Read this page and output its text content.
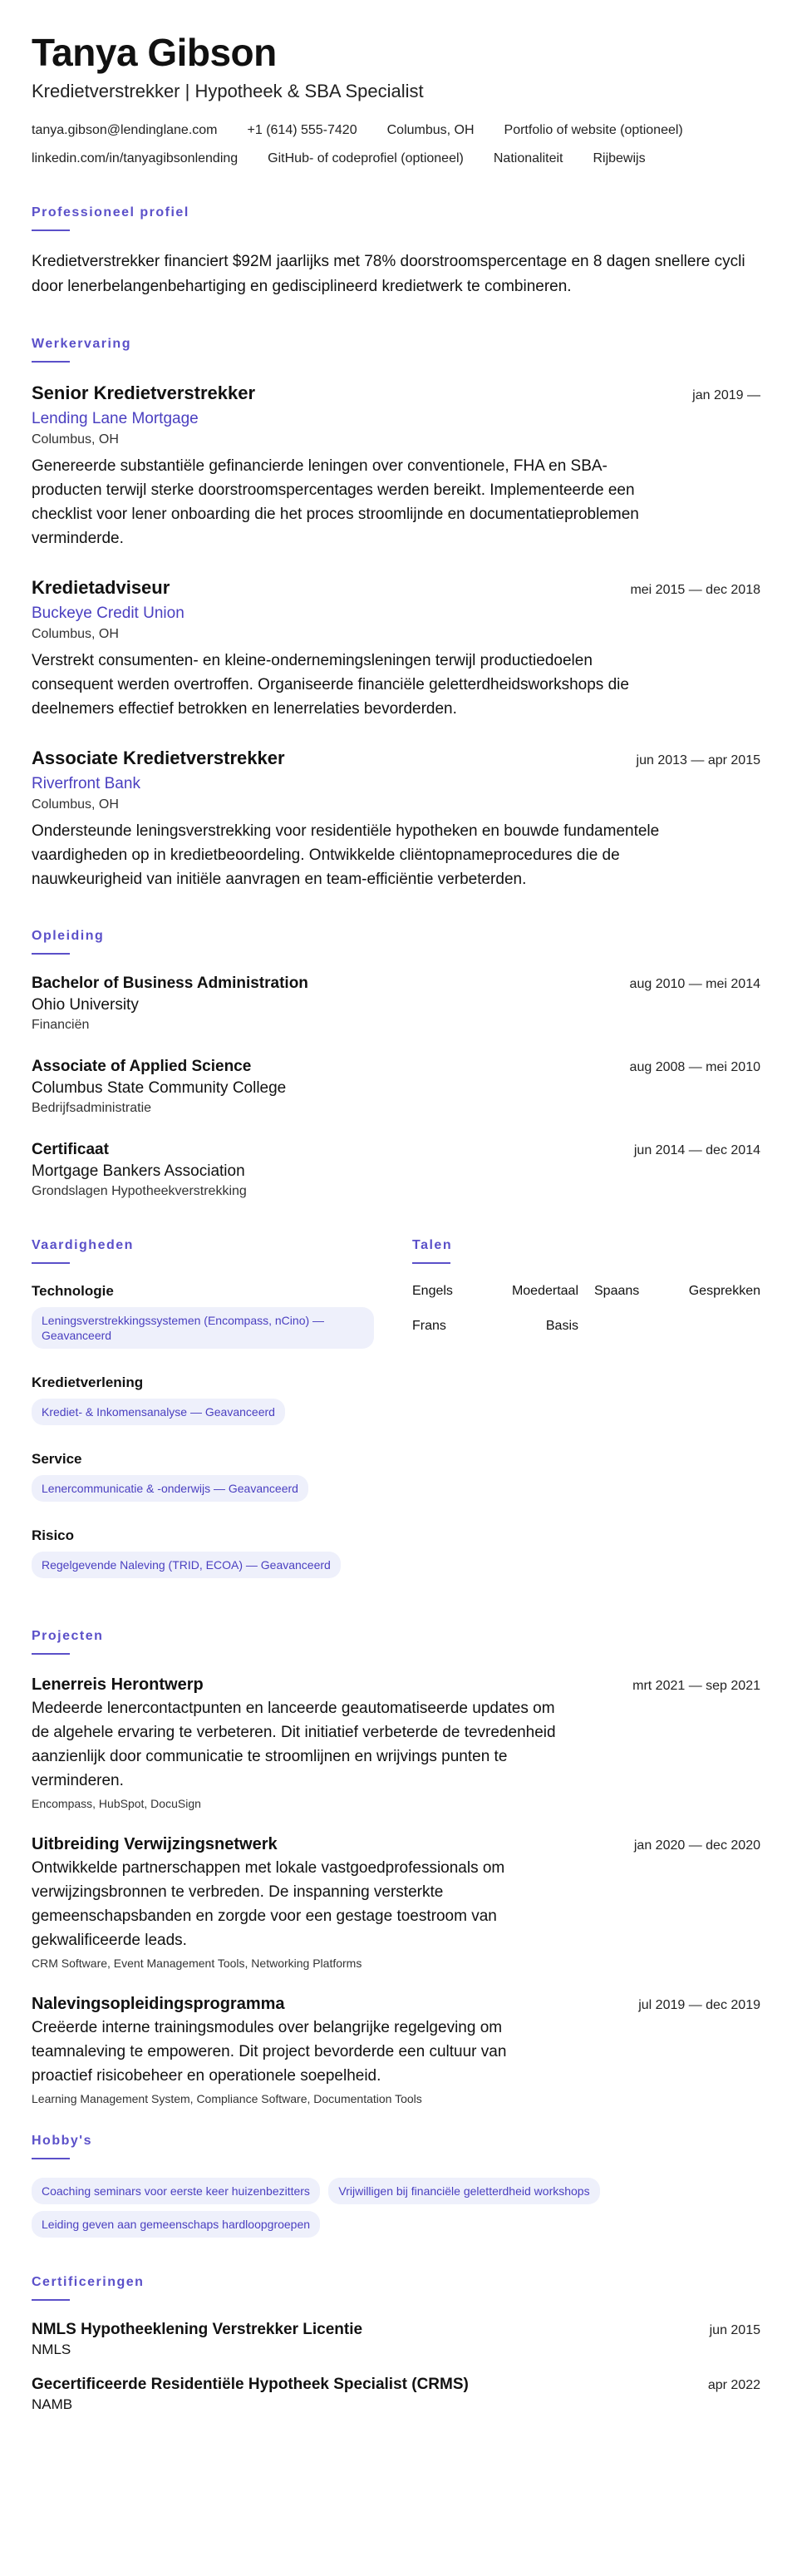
Tanya Gibson
Kredietverstrekker | Hypotheek & SBA Specialist
tanya.gibson@lendinglane.com +1 (614) 555-7420 Columbus, OH Portfolio of website (optioneel)
linkedin.com/in/tanyagibsonlending GitHub- of codeprofiel (optioneel) Nationaliteit Rijbewijs
Professioneel profiel
Kredietverstrekker financiert $92M jaarlijks met 78% doorstroomspercentage en 8 dagen snellere cycli door lenerbelangenbehartiging en gedisciplineerd kredietwerk te combineren.
Werkervaring
Senior Kredietverstrekker	jan 2019 —
Lending Lane Mortgage
Columbus, OH
Genereerde substantiële gefinancierde leningen over conventionele, FHA en SBA-producten terwijl sterke doorstroomspercentages werden bereikt. Implementeerde een checklist voor lener onboarding die het proces stroomlijnde en documentatieproblemen verminderde.
Kredietadviseur	mei 2015 — dec 2018
Buckeye Credit Union
Columbus, OH
Verstrekt consumenten- en kleine-ondernemingsleningen terwijl productiedoelen consequent werden overtroffen. Organiseerde financiële geletterdheidsworkshops die deelnemers effectief betrokken en lenerrelaties bevorderden.
Associate Kredietverstrekker	jun 2013 — apr 2015
Riverfront Bank
Columbus, OH
Ondersteunde leningsverstrekking voor residentiële hypotheken en bouwde fundamentele vaardigheden op in kredietbeoordeling. Ontwikkelde cliëntopnameprocedures die de nauwkeurigheid van initiële aanvragen en team-efficiëntie verbeterden.
Opleiding
Bachelor of Business Administration	aug 2010 — mei 2014
Ohio University
Financiën
Associate of Applied Science	aug 2008 — mei 2010
Columbus State Community College
Bedrijfsadministratie
Certificaat	jun 2014 — dec 2014
Mortgage Bankers Association
Grondslagen Hypotheekverstrekking
Vaardigheden
Technologie
Leningsverstrekkingssystemen (Encompass, nCino) — Geavanceerd
Kredietverlening
Krediet- & Inkomensanalyse — Geavanceerd
Service
Lenercommunicatie & -onderwijs — Geavanceerd
Risico
Regelgevende Naleving (TRID, ECOA) — Geavanceerd
Talen
Engels	Moedertaal Spaans	Gesprekken
Frans	Basis
Projecten
Lenerreis Herontwerp	mrt 2021 — sep 2021
Medeerde lenercontactpunten en lanceerde geautomatiseerde updates om de algehele ervaring te verbeteren. Dit initiatief verbeterde de tevredenheid aanzienlijk door communicatie te stroomlijnen en wrijvings punten te verminderen.
Encompass, HubSpot, DocuSign
Uitbreiding Verwijzingsnetwerk	jan 2020 — dec 2020
Ontwikkelde partnerschappen met lokale vastgoedprofessionals om verwijzingsbronnen te verbreden. De inspanning versterkte gemeenschapsbanden en zorgde voor een gestage toestroom van gekwalificeerde leads.
CRM Software, Event Management Tools, Networking Platforms
Nalevingsopleidingsprogramma	jul 2019 — dec 2019
Creëerde interne trainingsmodules over belangrijke regelgeving om teamnaleving te empoweren. Dit project bevorderde een cultuur van proactief risicobeheer en operationele soepelheid.
Learning Management System, Compliance Software, Documentation Tools
Hobby's
Coaching seminars voor eerste keer huizenbezitters Vrijwilligen bij financiële geletterdheid workshops Leiding geven aan gemeenschaps hardloopgroepen
Certificeringen
NMLS Hypotheeklening Verstrekker Licentie	jun 2015
NMLS
Gecertificeerde Residentiële Hypotheek Specialist (CRMS)	apr 2022
NAMB
